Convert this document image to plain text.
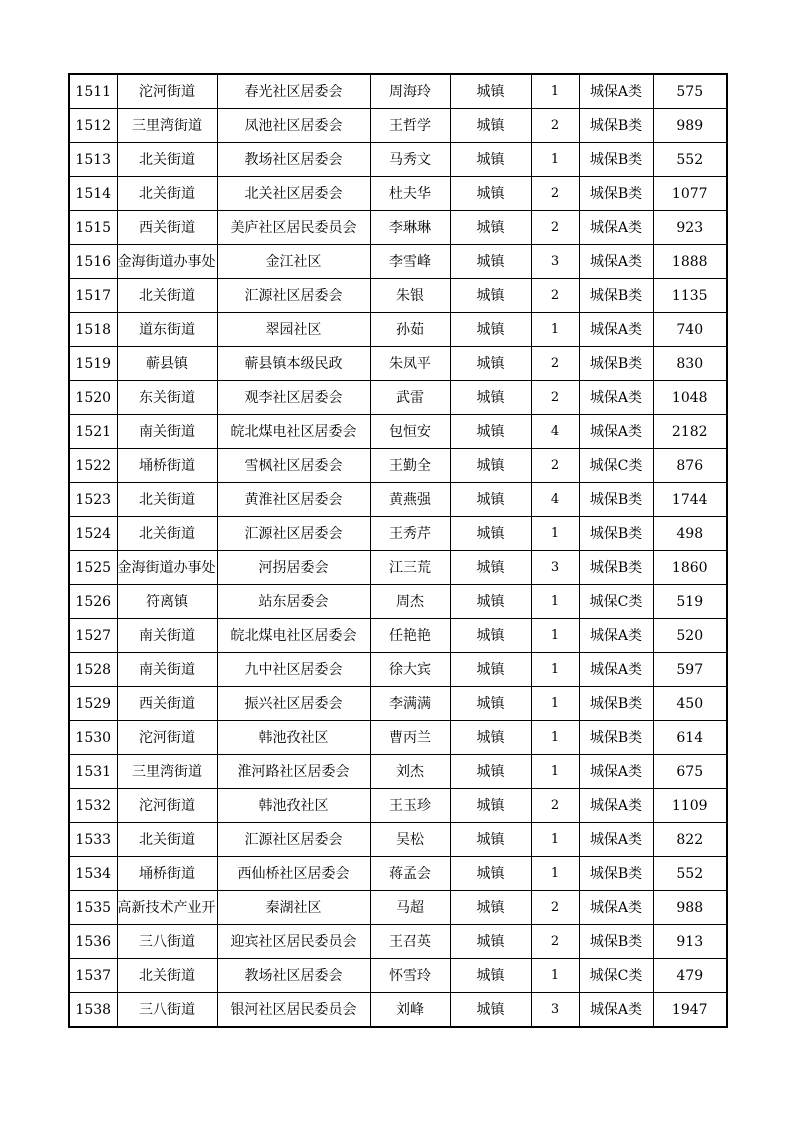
1511	沱河街道	春光社区居委会	周海玲	城镇	1	城保A类	575
1512	三里湾街道	凤池社区居委会	王哲学	城镇	2	城保B类	989
1513	北关街道	教场社区居委会	马秀文	城镇	1	城保B类	552
1514	北关街道	北关社区居委会	杜夫华	城镇	2	城保B类	1077
1515	西关街道	美庐社区居民委员会	李琳琳	城镇	2	城保A类	923
1516	金海街道办事处	金江社区	李雪峰	城镇	3	城保A类	1888
1517	北关街道	汇源社区居委会	朱银	城镇	2	城保B类	1135
1518	道东街道	翠园社区	孙茹	城镇	1	城保A类	740
1519	蕲县镇	蕲县镇本级民政	朱凤平	城镇	2	城保B类	830
1520	东关街道	观李社区居委会	武雷	城镇	2	城保A类	1048
1521	南关街道	皖北煤电社区居委会	包恒安	城镇	4	城保A类	2182
1522	埇桥街道	雪枫社区居委会	王勤全	城镇	2	城保C类	876
1523	北关街道	黄淮社区居委会	黄燕强	城镇	4	城保B类	1744
1524	北关街道	汇源社区居委会	王秀芹	城镇	1	城保B类	498
1525	金海街道办事处	河拐居委会	江三荒	城镇	3	城保B类	1860
1526	符离镇	站东居委会	周杰	城镇	1	城保C类	519
1527	南关街道	皖北煤电社区居委会	任艳艳	城镇	1	城保A类	520
1528	南关街道	九中社区居委会	徐大宾	城镇	1	城保A类	597
1529	西关街道	振兴社区居委会	李满满	城镇	1	城保B类	450
1530	沱河街道	韩池孜社区	曹丙兰	城镇	1	城保B类	614
1531	三里湾街道	淮河路社区居委会	刘杰	城镇	1	城保A类	675
1532	沱河街道	韩池孜社区	王玉珍	城镇	2	城保A类	1109
1533	北关街道	汇源社区居委会	吴松	城镇	1	城保A类	822
1534	埇桥街道	西仙桥社区居委会	蒋孟会	城镇	1	城保B类	552
1535	高新技术产业开	秦湖社区	马超	城镇	2	城保A类	988
1536	三八街道	迎宾社区居民委员会	王召英	城镇	2	城保B类	913
1537	北关街道	教场社区居委会	怀雪玲	城镇	1	城保C类	479
1538	三八街道	银河社区居民委员会	刘峰	城镇	3	城保A类	1947
